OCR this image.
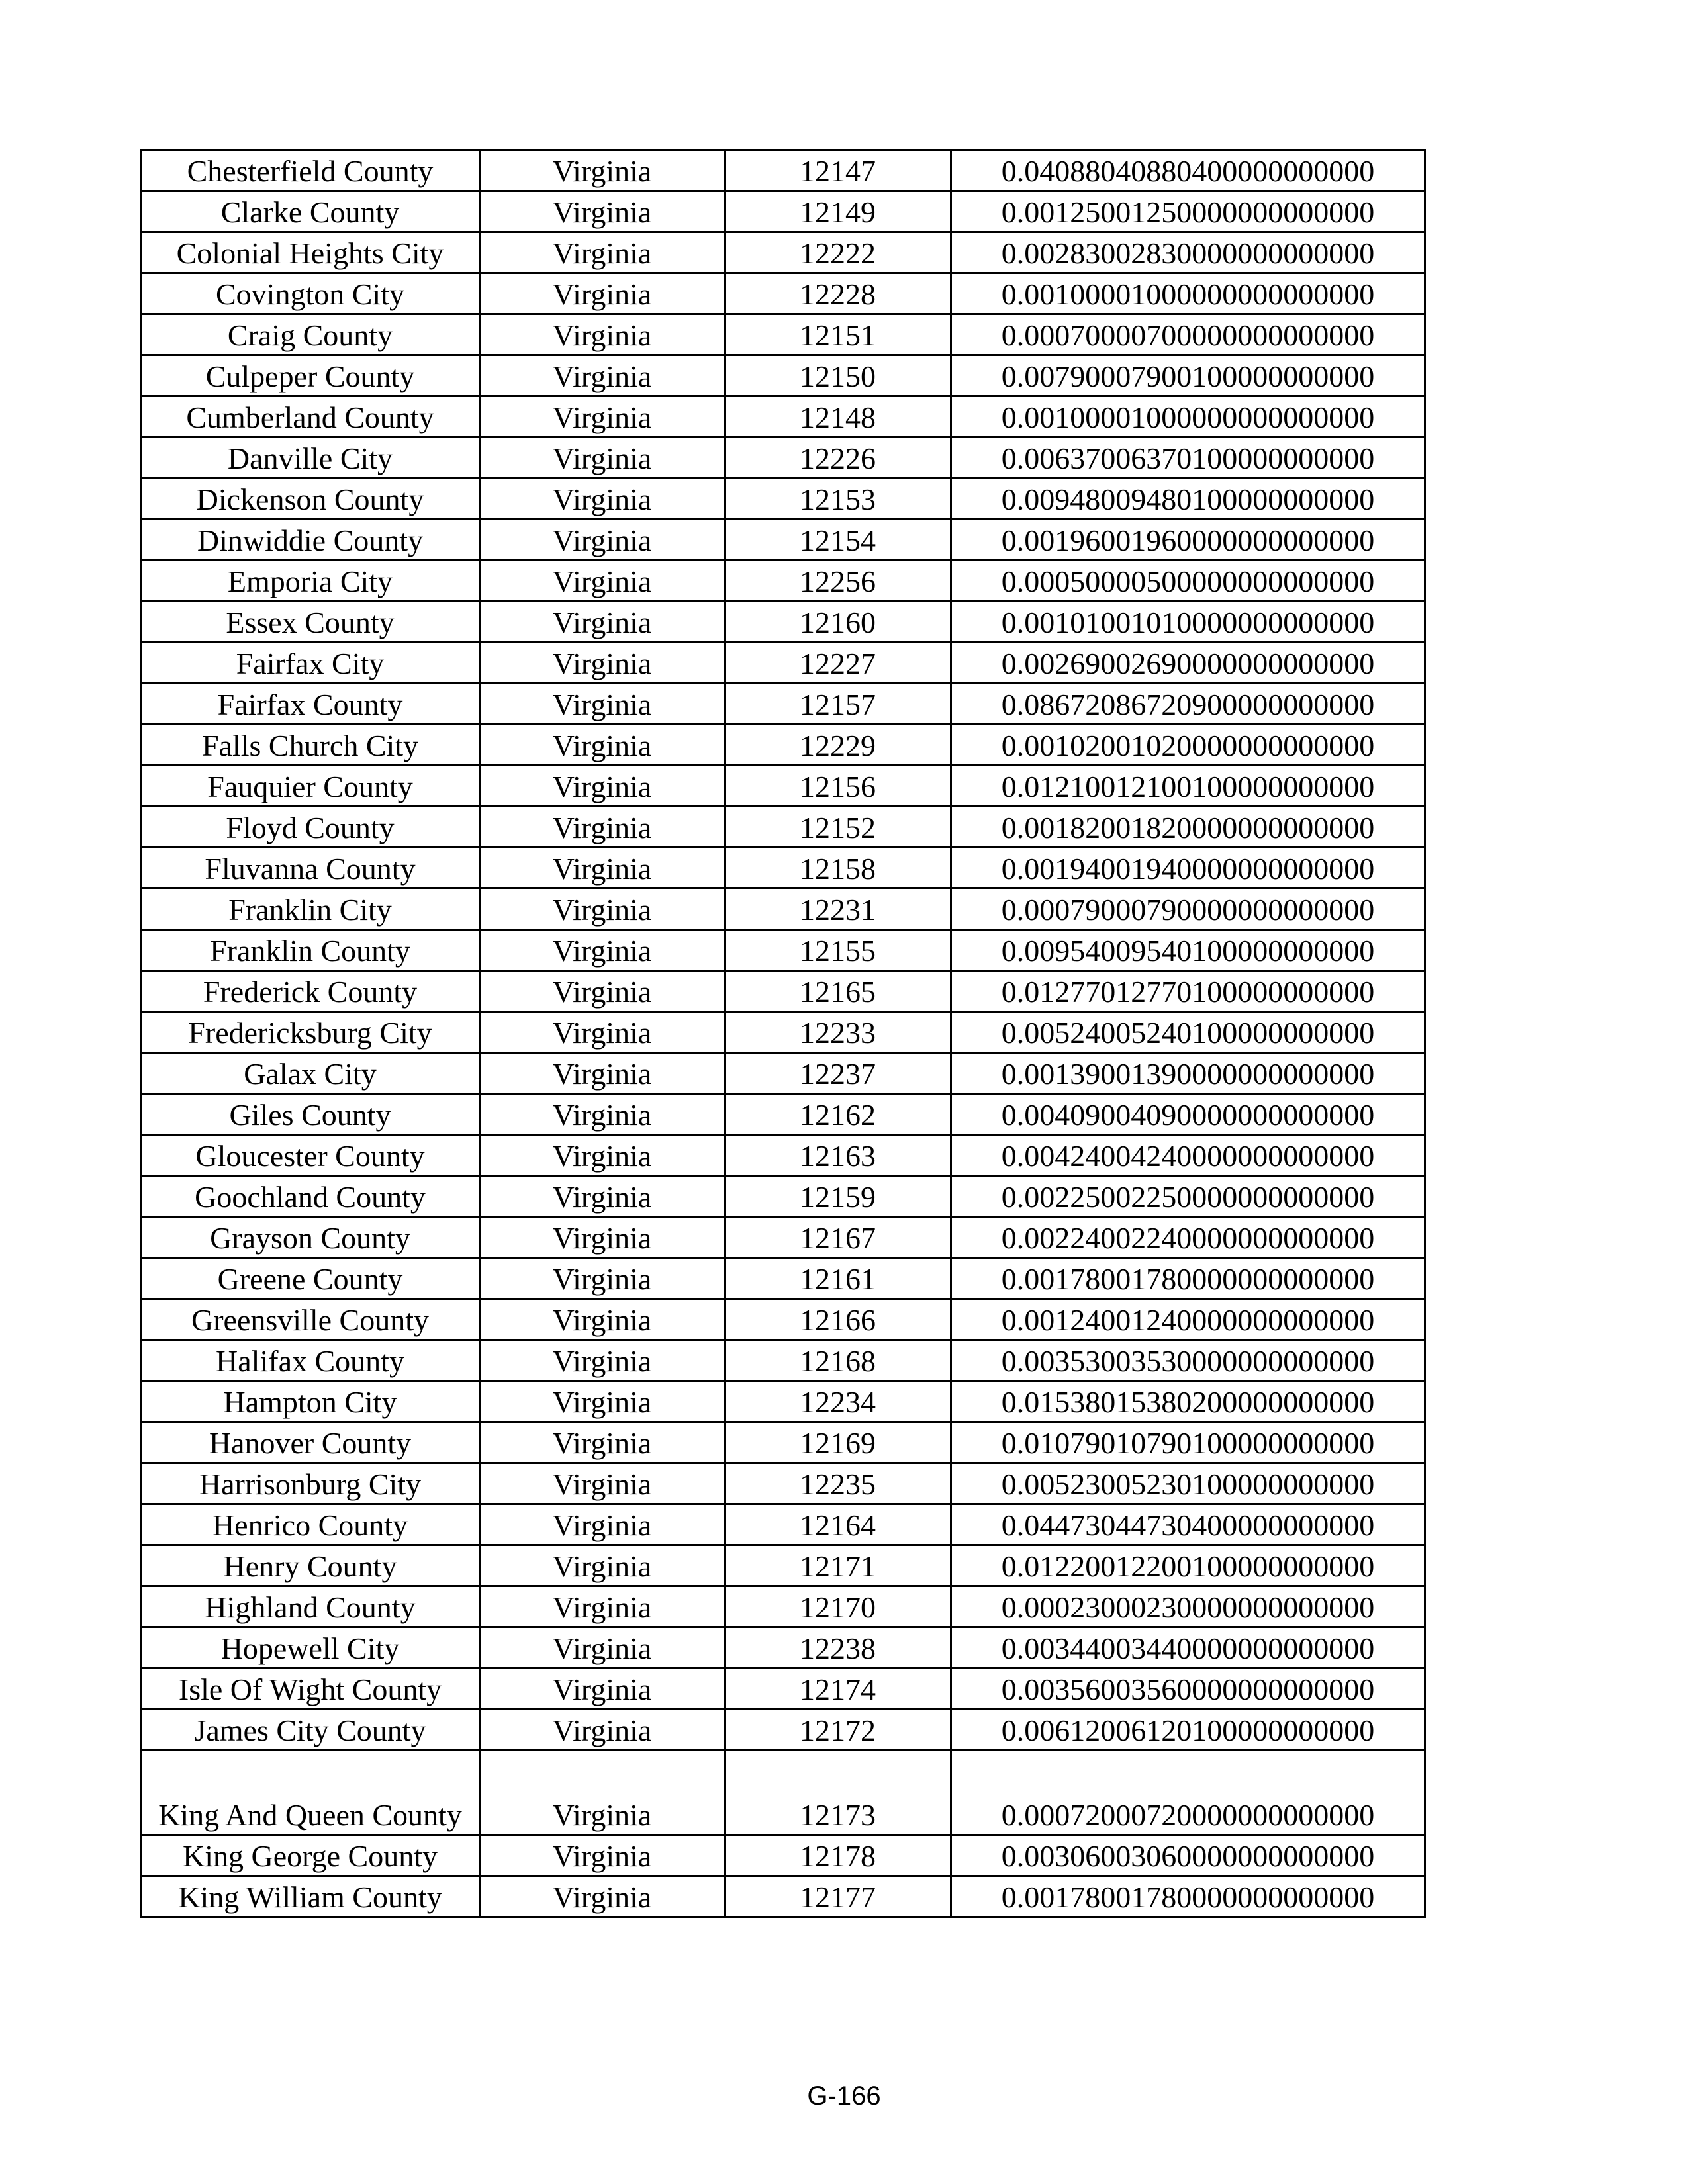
Chesterfield County	Virginia	12147	0.04088040880400000000000
Clarke County	Virginia	12149	0.00125001250000000000000
Colonial Heights City	Virginia	12222	0.00283002830000000000000
Covington City	Virginia	12228	0.00100001000000000000000
Craig County	Virginia	12151	0.00070000700000000000000
Culpeper County	Virginia	12150	0.00790007900100000000000
Cumberland County	Virginia	12148	0.00100001000000000000000
Danville City	Virginia	12226	0.00637006370100000000000
Dickenson County	Virginia	12153	0.00948009480100000000000
Dinwiddie County	Virginia	12154	0.00196001960000000000000
Emporia City	Virginia	12256	0.00050000500000000000000
Essex County	Virginia	12160	0.00101001010000000000000
Fairfax City	Virginia	12227	0.00269002690000000000000
Fairfax County	Virginia	12157	0.08672086720900000000000
Falls Church City	Virginia	12229	0.00102001020000000000000
Fauquier County	Virginia	12156	0.01210012100100000000000
Floyd County	Virginia	12152	0.00182001820000000000000
Fluvanna County	Virginia	12158	0.00194001940000000000000
Franklin City	Virginia	12231	0.00079000790000000000000
Franklin County	Virginia	12155	0.00954009540100000000000
Frederick County	Virginia	12165	0.01277012770100000000000
Fredericksburg City	Virginia	12233	0.00524005240100000000000
Galax City	Virginia	12237	0.00139001390000000000000
Giles County	Virginia	12162	0.00409004090000000000000
Gloucester County	Virginia	12163	0.00424004240000000000000
Goochland County	Virginia	12159	0.00225002250000000000000
Grayson County	Virginia	12167	0.00224002240000000000000
Greene County	Virginia	12161	0.00178001780000000000000
Greensville County	Virginia	12166	0.00124001240000000000000
Halifax County	Virginia	12168	0.00353003530000000000000
Hampton City	Virginia	12234	0.01538015380200000000000
Hanover County	Virginia	12169	0.01079010790100000000000
Harrisonburg City	Virginia	12235	0.00523005230100000000000
Henrico County	Virginia	12164	0.04473044730400000000000
Henry County	Virginia	12171	0.01220012200100000000000
Highland County	Virginia	12170	0.00023000230000000000000
Hopewell City	Virginia	12238	0.00344003440000000000000
Isle Of Wight County	Virginia	12174	0.00356003560000000000000
James City County	Virginia	12172	0.00612006120100000000000
King And Queen County	Virginia	12173	0.00072000720000000000000
King George County	Virginia	12178	0.00306003060000000000000
King William County	Virginia	12177	0.00178001780000000000000
G-166
